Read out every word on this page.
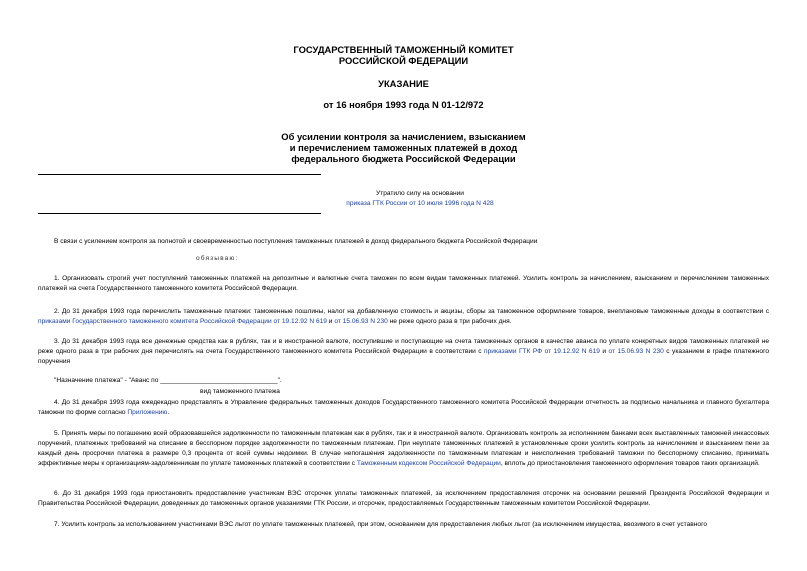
ГОСУДАРСТВЕННЫЙ ТАМОЖЕННЫЙ КОМИТЕТ
РОССИЙСКОЙ ФЕДЕРАЦИИ
УКАЗАНИЕ
от 16 ноября 1993 года N 01-12/972
Об усилении контроля за начислением, взысканием
и перечислением таможенных платежей в доход
федерального бюджета Российской Федерации
Утратило силу на основании
приказа ГТК России от 10 июля 1996 года N 428
В связи с усилением контроля за полнотой и своевременностью поступления таможенных платежей в доход федерального бюджета Российской Федерации
обязываю:
1. Организовать строгий учет поступлений таможенных платежей на депозитные и валютные счета таможен по всем видам таможенных платежей. Усилить контроль за начислением, взысканием и перечислением таможенных платежей на счета Государственного таможенного комитета Российской Федерации.
2. До 31 декабря 1993 года перечислить таможенные платежи: таможенные пошлины, налог на добавленную стоимость и акцизы, сборы за таможенное оформление товаров, внеплановые таможенные доходы в соответствии с приказами Государственного таможенного комитета Российской Федерации от 19.12.92 N 619 и от 15.06.93 N 230 не реже одного раза в три рабочих дня.
3. До 31 декабря 1993 года все денежные средства как в рублях, так и в иностранной валюте, поступившие и поступающие на счета таможенных органов в качестве аванса по уплате конкретных видов таможенных платежей не реже одного раза в три рабочих дня перечислять на счета Государственного таможенного комитета Российской Федерации в соответствии с приказами ГТК РФ от 19.12.92 N 619 и от 15.06.93 N 230 с указанием в графе платежного поручения
"Назначение платежа" - "Аванс по ________________________________".
вид таможенного платежа
4. До 31 декабря 1993 года ежедекадно представлять в Управление федеральных таможенных доходов Государственного таможенного комитета Российской Федерации отчетность за подписью начальника и главного бухгалтера таможни по форме согласно Приложению.
5. Принять меры по погашению всей образовавшейся задолженности по таможенным платежам как в рублях, так и в иностранной валюте. Организовать контроль за исполнением банками всех выставленных таможней инкассовых поручений, платежных требований на списание в бесспорном порядке задолженности по таможенным платежам. При неуплате таможенных платежей в установленные сроки усилить контроль за начислением и взысканием пени за каждый день просрочки платежа в размере 0,3 процента от всей суммы недоимки. В случае непогашения задолженности по таможенным платежам и неисполнения требований таможни по бесспорному списанию, принимать эффективные меры к организациям-задолженникам по уплате таможенных платежей в соответствии с Таможенным кодексом Российской Федерации, вплоть до приостановления таможенного оформления товаров таких организаций.
6. До 31 декабря 1993 года приостановить предоставление участникам ВЭС отсрочек уплаты таможенных платежей, за исключением предоставления отсрочек на основании решений Президента Российской Федерации и Правительства Российской Федерации, доведенных до таможенных органов указаниями ГТК России, и отсрочек, предоставляемых Государственным таможенным комитетом Российской Федерации.
7. Усилить контроль за использованием участниками ВЭС льгот по уплате таможенных платежей, при этом, основанием для предоставления любых льгот (за исключением имущества, ввозимого в счет уставного
